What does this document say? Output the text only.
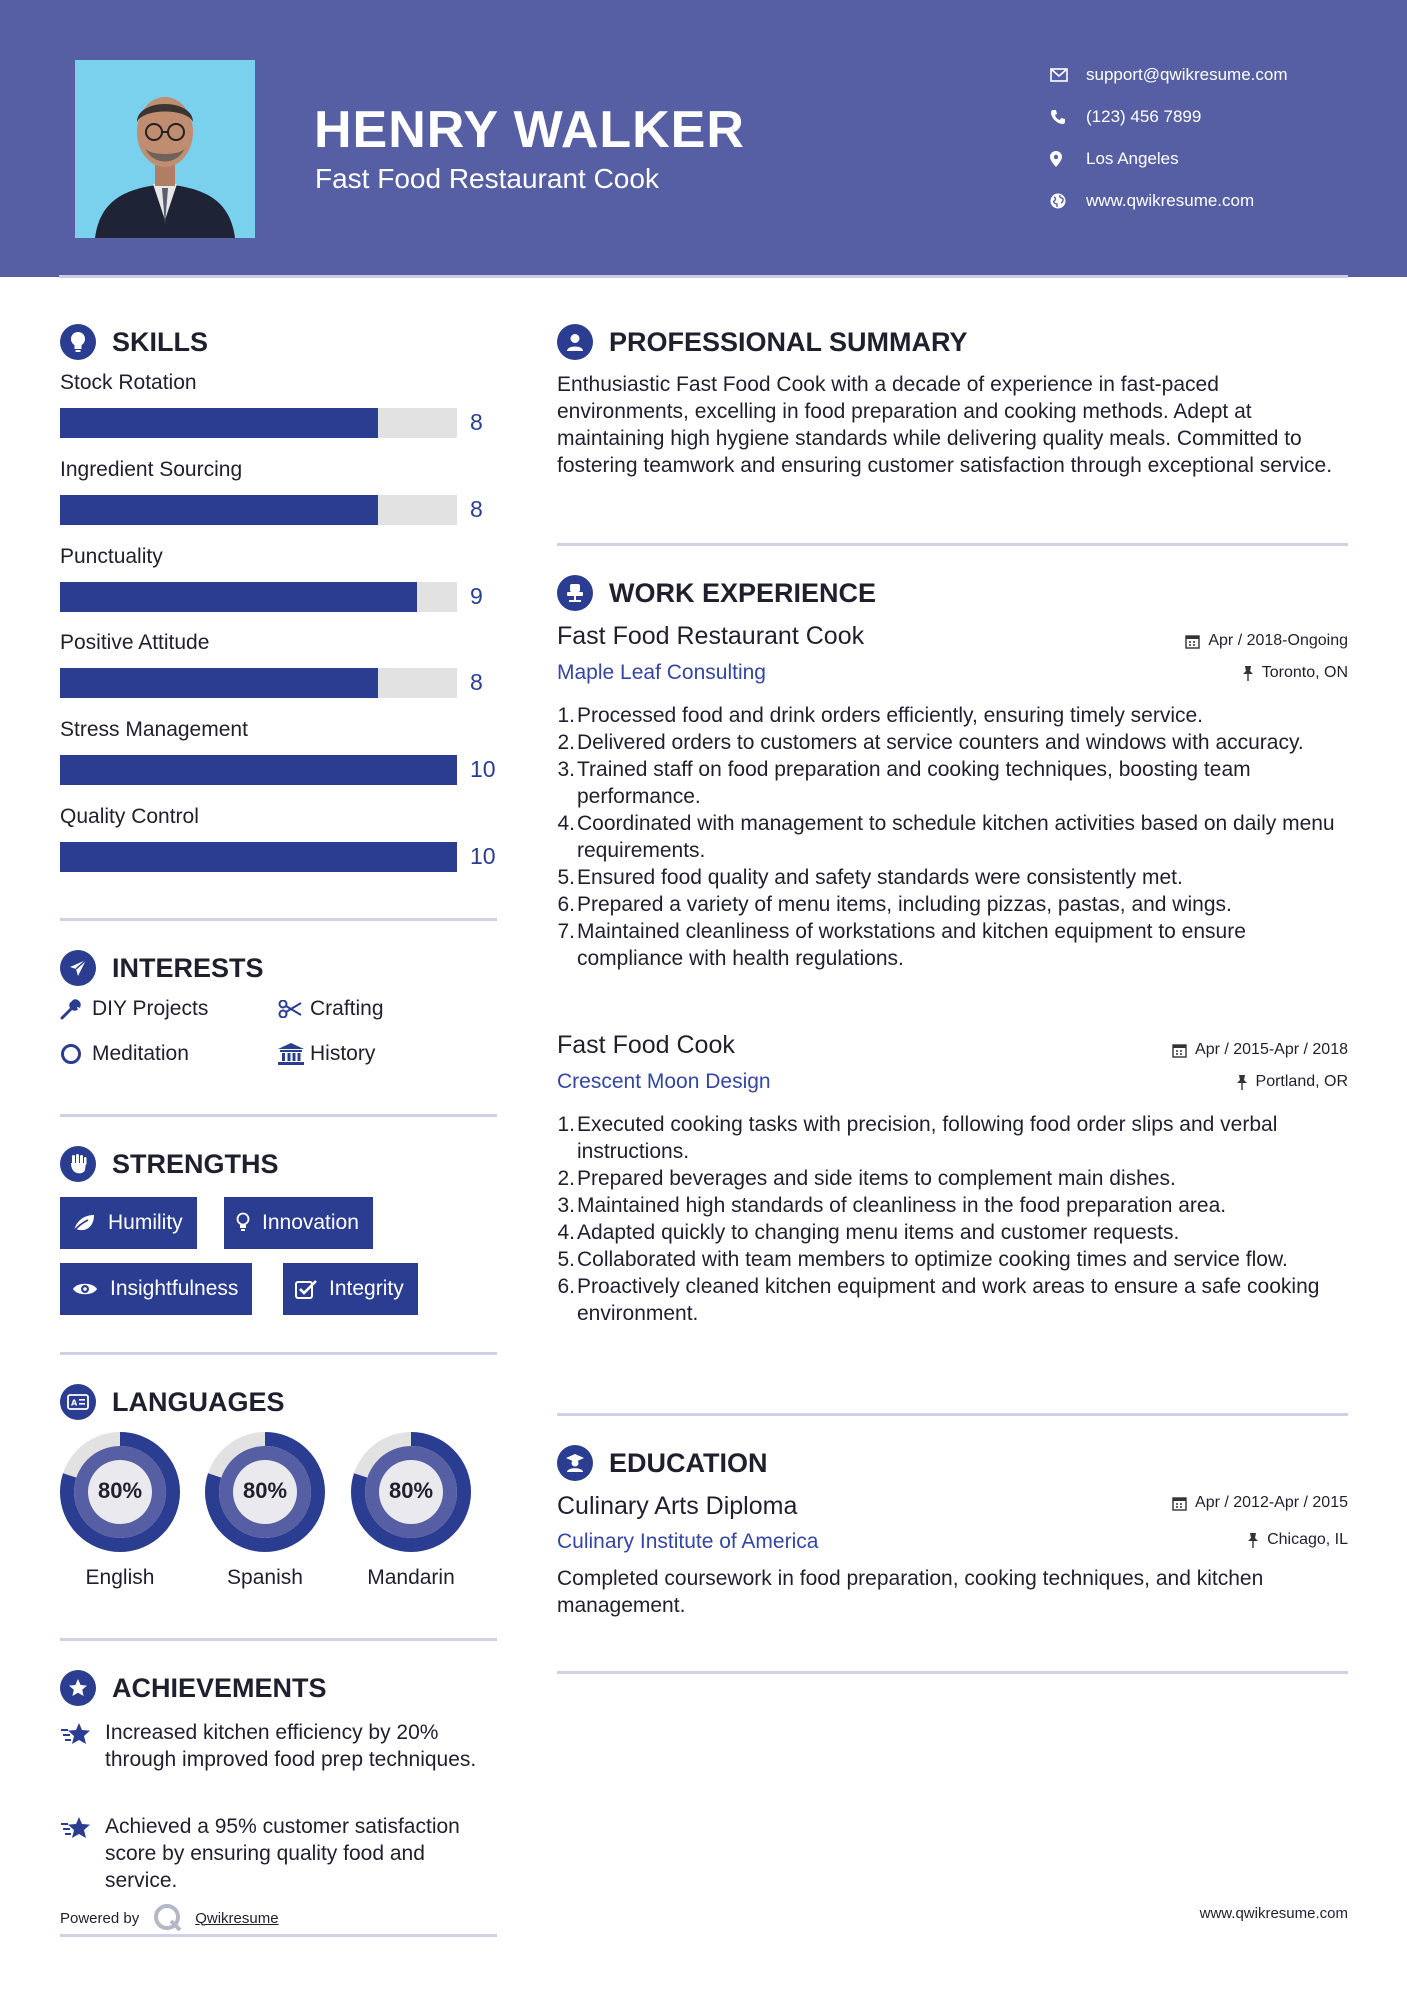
HENRY WALKER
Fast Food Restaurant Cook
support@qwikresume.com
(123) 456 7899
Los Angeles
www.qwikresume.com
SKILLS
Stock Rotation
8
Ingredient Sourcing
8
Punctuality
9
Positive Attitude
8
Stress Management
10
Quality Control
10
INTERESTS
DIY Projects	Crafting
Meditation	History
STRENGTHS
Humility	Innovation
Insightfulness	Integrity
A LANGUAGES
80%
English
80%
Spanish
80%
Mandarin
ACHIEVEMENTS
Increased kitchen efficiency by 20% through improved food prep techniques.
Achieved a 95% customer satisfaction score by ensuring quality food and service.
Powered by	Qwikresume
PROFESSIONAL SUMMARY
Enthusiastic Fast Food Cook with a decade of experience in fast-paced environments, excelling in food preparation and cooking methods. Adept at maintaining high hygiene standards while delivering quality meals. Committed to fostering teamwork and ensuring customer satisfaction through exceptional service.
WORK EXPERIENCE
Fast Food Restaurant Cook	Apr / 2018-Ongoing
Maple Leaf Consulting	Toronto, ON
1. Processed food and drink orders efficiently, ensuring timely service.
2. Delivered orders to customers at service counters and windows with accuracy.
3. Trained staff on food preparation and cooking techniques, boosting team performance.
4. Coordinated with management to schedule kitchen activities based on daily menu requirements.
5. Ensured food quality and safety standards were consistently met.
6. Prepared a variety of menu items, including pizzas, pastas, and wings.
7. Maintained cleanliness of workstations and kitchen equipment to ensure compliance with health regulations.
Fast Food Cook	Apr / 2015-Apr / 2018
Crescent Moon Design	Portland, OR
1. Executed cooking tasks with precision, following food order slips and verbal instructions.
2. Prepared beverages and side items to complement main dishes.
3. Maintained high standards of cleanliness in the food preparation area.
4. Adapted quickly to changing menu items and customer requests.
5. Collaborated with team members to optimize cooking times and service flow.
6. Proactively cleaned kitchen equipment and work areas to ensure a safe cooking environment.
EDUCATION
Culinary Arts Diploma	Apr / 2012-Apr / 2015
Culinary Institute of America	Chicago, IL
Completed coursework in food preparation, cooking techniques, and kitchen management.
www.qwikresume.com
